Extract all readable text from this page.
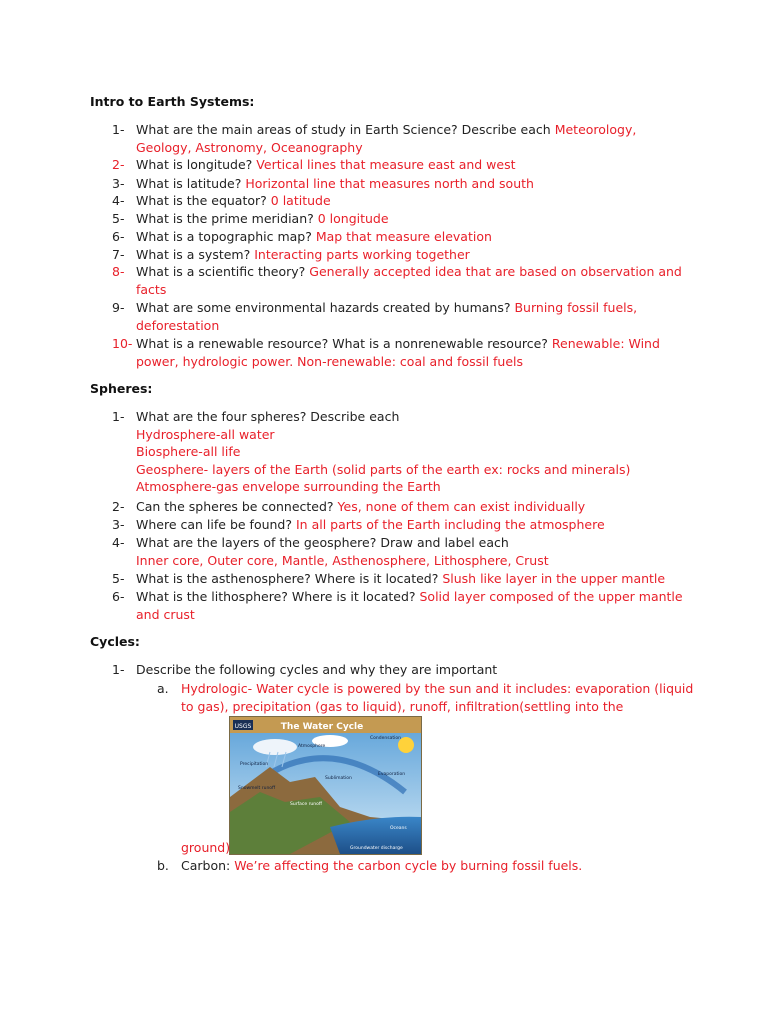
Intro to Earth Systems:
1- What are the main areas of study in Earth Science? Describe each Meteorology, Geology, Astronomy, Oceanography
2- What is longitude? Vertical lines that measure east and west
3- What is latitude? Horizontal line that measures north and south
4- What is the equator? 0 latitude
5- What is the prime meridian? 0 longitude
6- What is a topographic map? Map that measure elevation
7- What is a system? Interacting parts working together
8- What is a scientific theory? Generally accepted idea that are based on observation and facts
9- What are some environmental hazards created by humans? Burning fossil fuels, deforestation
10- What is a renewable resource? What is a nonrenewable resource? Renewable: Wind power, hydrologic power. Non-renewable: coal and fossil fuels
Spheres:
1- What are the four spheres? Describe each
Hydrosphere-all water
Biosphere-all life
Geosphere- layers of the Earth (solid parts of the earth ex: rocks and minerals)
Atmosphere-gas envelope surrounding the Earth
2- Can the spheres be connected? Yes, none of them can exist individually
3- Where can life be found? In all parts of the Earth including the atmosphere
4- What are the layers of the geosphere? Draw and label each
Inner core, Outer core, Mantle, Asthenosphere, Lithosphere, Crust
5- What is the asthenosphere? Where is it located? Slush like layer in the upper mantle
6- What is the lithosphere? Where is it located? Solid layer composed of the upper mantle and crust
Cycles:
1- Describe the following cycles and why they are important
a. Hydrologic- Water cycle is powered by the sun and it includes: evaporation (liquid to gas), precipitation (gas to liquid), runoff, infiltration(settling into the
The Water Cycle
USGS
Atmosphere
Condensation
Precipitation
Evaporation
Sublimation
Oceans
Groundwater discharge
Snowmelt runoff
Surface runoff
ground)
b. Carbon: We’re affecting the carbon cycle by burning fossil fuels.
